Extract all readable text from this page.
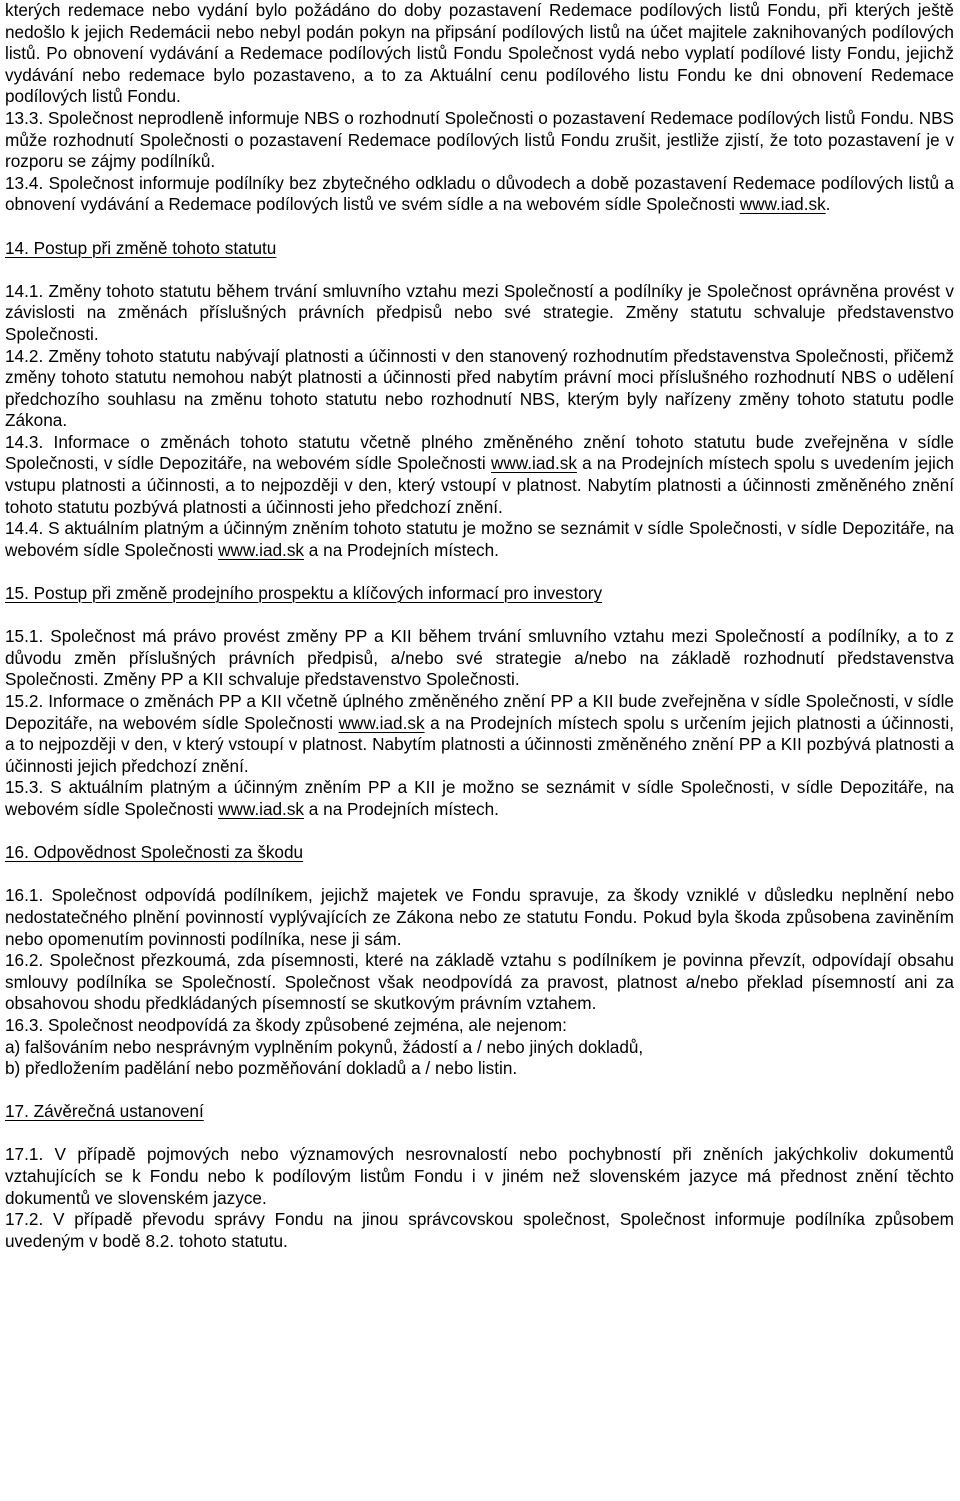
kterých redemace nebo vydání bylo požádáno do doby pozastavení Redemace podílových listů Fondu, při kterých ještě nedošlo k jejich Redemácii nebo nebyl podán pokyn na připsání podílových listů na účet majitele zaknihovaných podílových listů. Po obnovení vydávání a Redemace podílových listů Fondu Společnost vydá nebo vyplatí podílové listy Fondu, jejichž vydávání nebo redemace bylo pozastaveno, a to za Aktuální cenu podílového listu Fondu ke dni obnovení Redemace podílových listů Fondu.

13.3. Společnost neprodleně informuje NBS o rozhodnutí Společnosti o pozastavení Redemace podílových listů Fondu. NBS může rozhodnutí Společnosti o pozastavení Redemace podílových listů Fondu zrušit, jestliže zjistí, že toto pozastavení je v rozporu se zájmy podílníků.

13.4. Společnost informuje podílníky bez zbytečného odkladu o důvodech a době pozastavení Redemace podílových listů a obnovení vydávání a Redemace podílových listů ve svém sídle a na webovém sídle Společnosti www.iad.sk.

14. Postup při změně tohoto statutu

14.1. Změny tohoto statutu během trvání smluvního vztahu mezi Společností a podílníky je Společnost oprávněna provést v závislosti na změnách příslušných právních předpisů nebo své strategie. Změny statutu schvaluje představenstvo Společnosti.

14.2. Změny tohoto statutu nabývají platnosti a účinnosti v den stanovený rozhodnutím představenstva Společnosti, přičemž změny tohoto statutu nemohou nabýt platnosti a účinnosti před nabytím právní moci příslušného rozhodnutí NBS o udělení předchozího souhlasu na změnu tohoto statutu nebo rozhodnutí NBS, kterým byly nařízeny změny tohoto statutu podle Zákona.

14.3. Informace o změnách tohoto statutu včetně plného změněného znění tohoto statutu bude zveřejněna v sídle Společnosti, v sídle Depozitáře, na webovém sídle Společnosti www.iad.sk a na Prodejních místech spolu s uvedením jejich vstupu platnosti a účinnosti, a to nejpozději v den, který vstoupí v platnost. Nabytím platnosti a účinnosti změněného znění tohoto statutu pozbývá platnosti a účinnosti jeho předchozí znění.

14.4. S aktuálním platným a účinným zněním tohoto statutu je možno se seznámit v sídle Společnosti, v sídle Depozitáře, na webovém sídle Společnosti www.iad.sk a na Prodejních místech.

15. Postup při změně prodejního prospektu a klíčových informací pro investory

15.1. Společnost má právo provést změny PP a KII během trvání smluvního vztahu mezi Společností a podílníky, a to z důvodu změn příslušných právních předpisů, a/nebo své strategie a/nebo na základě rozhodnutí představenstva Společnosti. Změny PP a KII schvaluje představenstvo Společnosti.

15.2. Informace o změnách PP a KII včetně úplného změněného znění PP a KII bude zveřejněna v sídle Společnosti, v sídle Depozitáře, na webovém sídle Společnosti www.iad.sk a na Prodejních místech spolu s určením jejich platnosti a účinnosti, a to nejpozději v den, v který vstoupí v platnost. Nabytím platnosti a účinnosti změněného znění PP a KII pozbývá platnosti a účinnosti jejich předchozí znění.

15.3. S aktuálním platným a účinným zněním PP a KII je možno se seznámit v sídle Společnosti, v sídle Depozitáře, na webovém sídle Společnosti www.iad.sk a na Prodejních místech.

16. Odpovědnost Společnosti za škodu

16.1. Společnost odpovídá podílníkem, jejichž majetek ve Fondu spravuje, za škody vzniklé v důsledku neplnění nebo nedostatečného plnění povinností vyplývajících ze Zákona nebo ze statutu Fondu. Pokud byla škoda způsobena zaviněním nebo opomenutím povinnosti podílníka, nese ji sám.

16.2. Společnost přezkoumá, zda písemnosti, které na základě vztahu s podílníkem je povinna převzít, odpovídají obsahu smlouvy podílníka se Společností. Společnost však neodpovídá za pravost, platnost a/nebo překlad písemností ani za obsahovou shodu předkládaných písemností se skutkovým právním vztahem.

16.3. Společnost neodpovídá za škody způsobené zejména, ale nejenom:

a) falšováním nebo nesprávným vyplněním pokynů, žádostí a / nebo jiných dokladů,

b) předložením padělání nebo pozměňování dokladů a / nebo listin.

17. Závěrečná ustanovení

17.1. V případě pojmových nebo významových nesrovnalostí nebo pochybností při zněních jakýchkoliv dokumentů vztahujících se k Fondu nebo k podílovým listům Fondu i v jiném než slovenském jazyce má přednost znění těchto dokumentů ve slovenském jazyce.

17.2. V případě převodu správy Fondu na jinou správcovskou společnost, Společnost informuje podílníka způsobem uvedeným v bodě 8.2. tohoto statutu.
